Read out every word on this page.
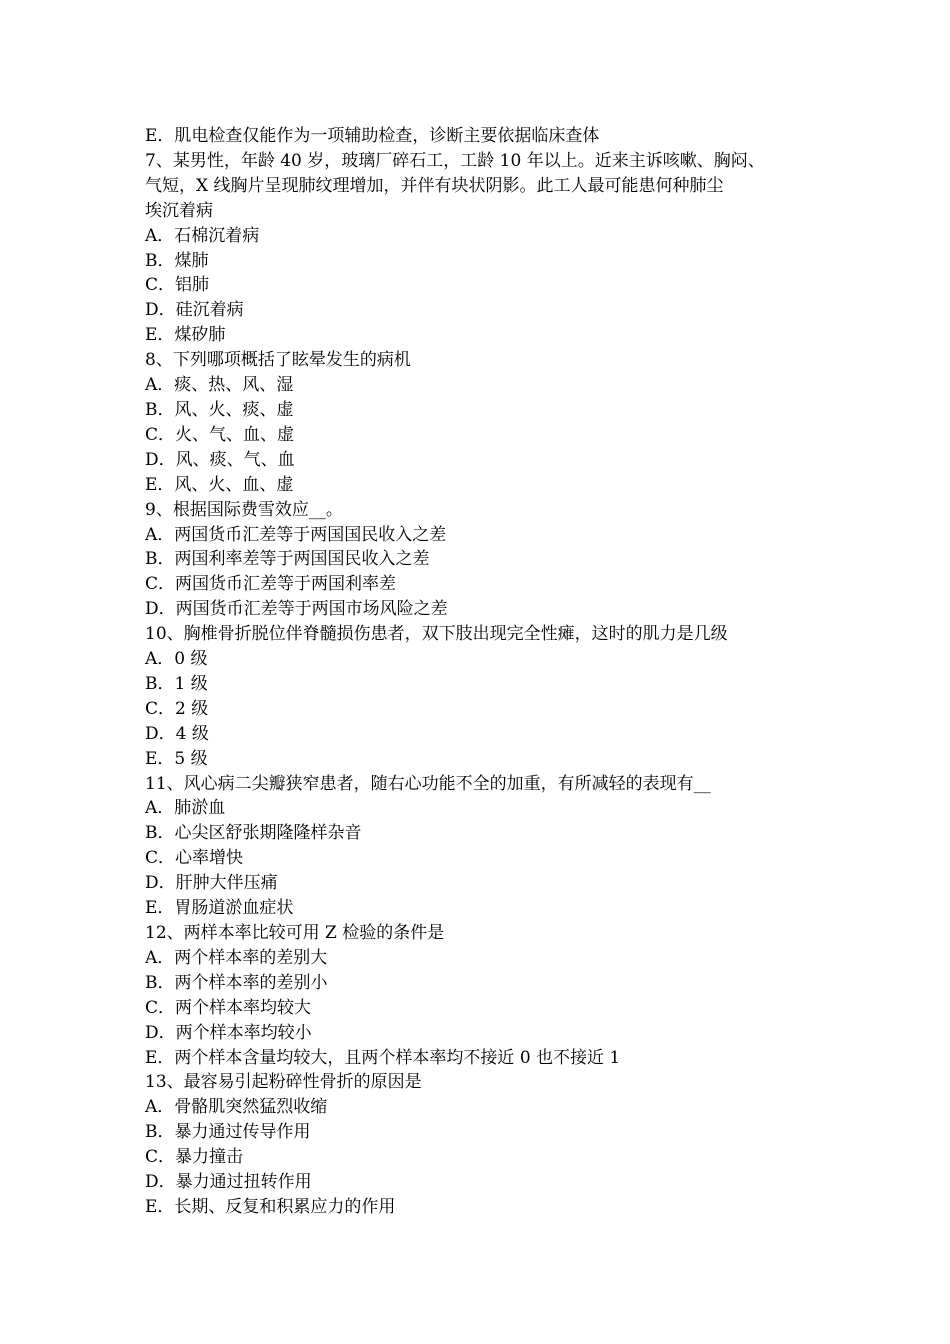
E．肌电检查仅能作为一项辅助检查，诊断主要依据临床查体
7、某男性，年龄 40 岁，玻璃厂碎石工，工龄 10 年以上。近来主诉咳嗽、胸闷、
气短，X 线胸片呈现肺纹理增加，并伴有块状阴影。此工人最可能患何种肺尘
埃沉着病
A．石棉沉着病
B．煤肺
C．铝肺
D．硅沉着病
E．煤矽肺
8、下列哪项概括了眩晕发生的病机
A．痰、热、风、湿
B．风、火、痰、虚
C．火、气、血、虚
D．风、痰、气、血
E．风、火、血、虚
9、根据国际费雪效应__。
A．两国货币汇差等于两国国民收入之差
B．两国利率差等于两国国民收入之差
C．两国货币汇差等于两国利率差
D．两国货币汇差等于两国市场风险之差
10、胸椎骨折脱位伴脊髓损伤患者，双下肢出现完全性瘫，这时的肌力是几级
A．0 级
B．1 级
C．2 级
D．4 级
E．5 级
11、风心病二尖瓣狭窄患者，随右心功能不全的加重，有所减轻的表现有__
A．肺淤血
B．心尖区舒张期隆隆样杂音
C．心率增快
D．肝肿大伴压痛
E．胃肠道淤血症状
12、两样本率比较可用 Z 检验的条件是
A．两个样本率的差别大
B．两个样本率的差别小
C．两个样本率均较大
D．两个样本率均较小
E．两个样本含量均较大，且两个样本率均不接近 0 也不接近 1
13、最容易引起粉碎性骨折的原因是
A．骨骼肌突然猛烈收缩
B．暴力通过传导作用
C．暴力撞击
D．暴力通过扭转作用
E．长期、反复和积累应力的作用
